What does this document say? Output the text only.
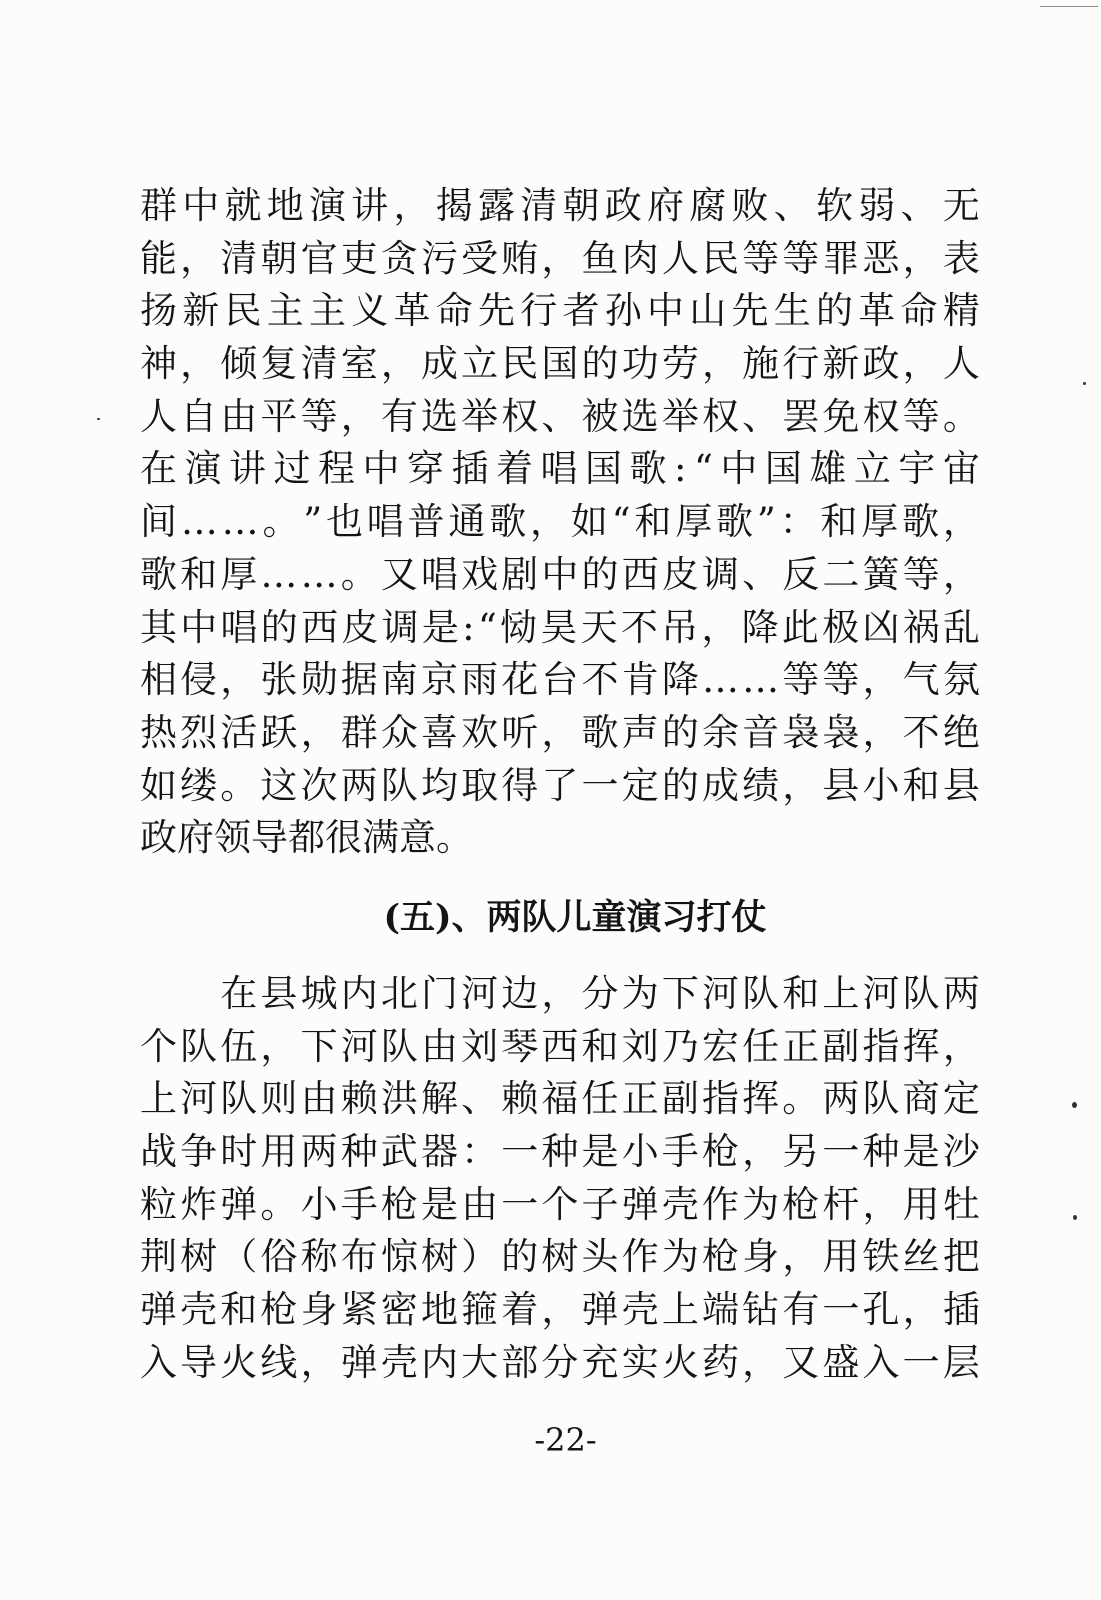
群 中 就 地 演 讲 ， 揭 露 清 朝 政 府 腐 败 、 软 弱 、 无
能 ， 清 朝 官 吏 贪 污 受 贿 ， 鱼 肉 人 民 等 等 罪 恶 ， 表
扬 新 民 主 主 义 革 命 先 行 者 孙 中 山 先 生 的 革 命 精
神 ， 倾 复 清 室 ， 成 立 民 国 的 功 劳 ， 施 行 新 政 ， 人
人 自 由 平 等 ， 有 选 举 权 、 被 选 举 权 、 罢 免 权 等 。
在 演 讲 过 程 中 穿 插 着 唱 国 歌 : “ 中 国 雄 立 宇 宙
间 … … 。 ” 也 唱 普 通 歌 ， 如 “ 和 厚 歌 ” ： 和 厚 歌 ，
歌 和 厚 … … 。 又 唱 戏 剧 中 的 西 皮 调 、 反 二 簧 等 ，
其 中 唱 的 西 皮 调 是 : “ 恸 昊 天 不 吊 ， 降 此 极 凶 祸 乱
相 侵 ， 张 勋 据 南 京 雨 花 台 不 肯 降 … … 等 等 ， 气 氛
热 烈 活 跃 ， 群 众 喜 欢 听 ， 歌 声 的 余 音 袅 袅 ， 不 绝
如 缕 。 这 次 两 队 均 取 得 了 一 定 的 成 绩 ， 县 小 和 县
政府领导都很满意。
(五)、两队儿童演习打仗

在 县 城 内 北 门 河 边 ， 分 为 下 河 队 和 上 河 队 两
个 队 伍 ， 下 河 队 由 刘 琴 西 和 刘 乃 宏 任 正 副 指 挥 ，
上 河 队 则 由 赖 洪 解 、 赖 福 任 正 副 指 挥 。 两 队 商 定
战 争 时 用 两 种 武 器 ： 一 种 是 小 手 枪 ， 另 一 种 是 沙
粒 炸 弹 。 小 手 枪 是 由 一 个 子 弹 壳 作 为 枪 杆 ， 用 牡
荆 树 （ 俗 称 布 惊 树 ） 的 树 头 作 为 枪 身 ， 用 铁 丝 把
弹 壳 和 枪 身 紧 密 地 箍 着 ， 弹 壳 上 端 钻 有 一 孔 ， 插
入 导 火 线 ， 弹 壳 内 大 部 分 充 实 火 药 ， 又 盛 入 一 层
-22-
